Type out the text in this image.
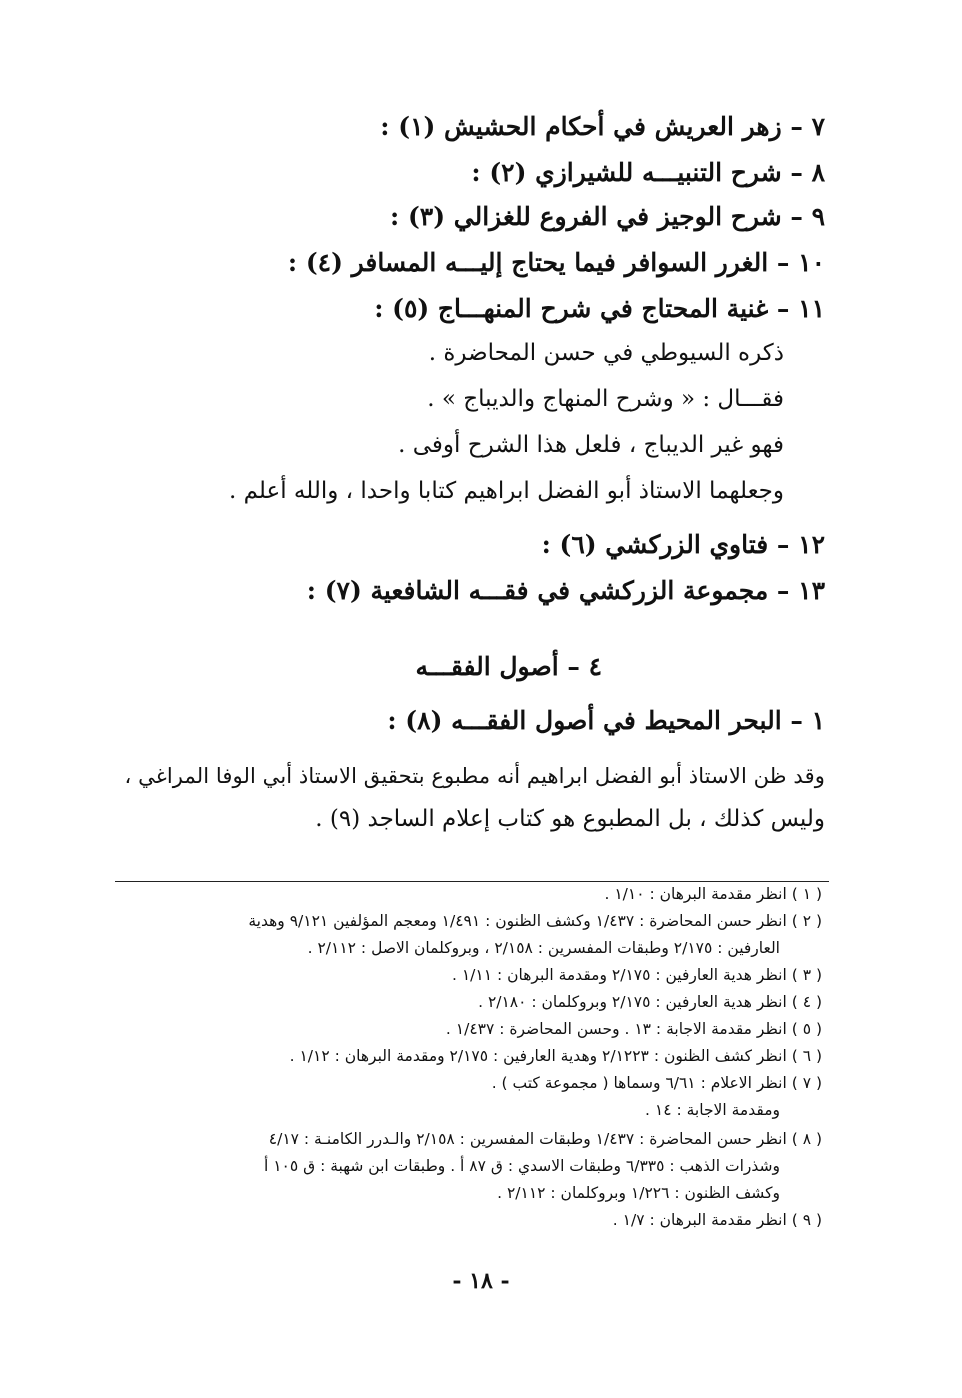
٧ – زهر العريش في أحكام الحشيش (١) :
٨ – شرح التنبيـــه للشيرازي (٢) :
٩ – شرح الوجيز في الفروع للغزالي (٣) :
١٠ – الغرر السوافر فيما يحتاج إليـــه المسافر (٤) :
١١ – غنية المحتاج في شرح المنهـــاج (٥) :
ذكره السيوطي في حسن المحاضرة .
فقـــال : « وشرح المنهاج والديباج » .
فهو غير الديباج ، فلعل هذا الشرح أوفى .
وجعلهما الاستاذ أبو الفضل ابراهيم كتابا واحدا ، والله أعلم .
١٢ – فتاوي الزركشي (٦) :
١٣ – مجموعة الزركشي في فقـــه الشافعية (٧) :
٤ – أصول الفقـــه
١ – البحر المحيط في أصول الفقـــه (٨) :
وقد ظن الاستاذ أبو الفضل ابراهيم أنه مطبوع بتحقيق الاستاذ أبي الوفا المراغي ،
وليس كذلك ، بل المطبوع هو كتاب إعلام الساجد (٩) .
( ١ ) انظر مقدمة البرهان : ١/١٠ .
( ٢ ) انظر حسن المحاضرة : ١/٤٣٧ وكشف الظنون : ١/٤٩١ ومعجم المؤلفين ٩/١٢١ وهدية
العارفين : ٢/١٧٥ وطبقات المفسرين : ٢/١٥٨ ، وبروكلمان الاصل : ٢/١١٢ .
( ٣ ) انظر هدية العارفين : ٢/١٧٥ ومقدمة البرهان : ١/١١ .
( ٤ ) انظر هدية العارفين : ٢/١٧٥ وبروكلمان : ٢/١٨٠ .
( ٥ ) انظر مقدمة الاجابة : ١٣ . وحسن المحاضرة : ١/٤٣٧ .
( ٦ ) انظر كشف الظنون : ٢/١٢٢٣ وهدية العارفين : ٢/١٧٥ ومقدمة البرهان : ١/١٢ .
( ٧ ) انظر الاعلام : ٦/٦١ وسماها ( مجموعة كتب ) .
ومقدمة الاجابة : ١٤ .
( ٨ ) انظر حسن المحاضرة : ١/٤٣٧ وطبقات المفسرين : ٢/١٥٨ والـدرر الكامنـة : ٤/١٧
وشذرات الذهب : ٦/٣٣٥ وطبقات الاسدي : ق ٨٧ أ . وطبقات ابن شهبة : ق ١٠٥ أ
وكشف الظنون : ١/٢٢٦ وبروكلمان : ٢/١١٢ .
( ٩ ) انظر مقدمة البرهان : ١/٧ .
- ١٨ -
